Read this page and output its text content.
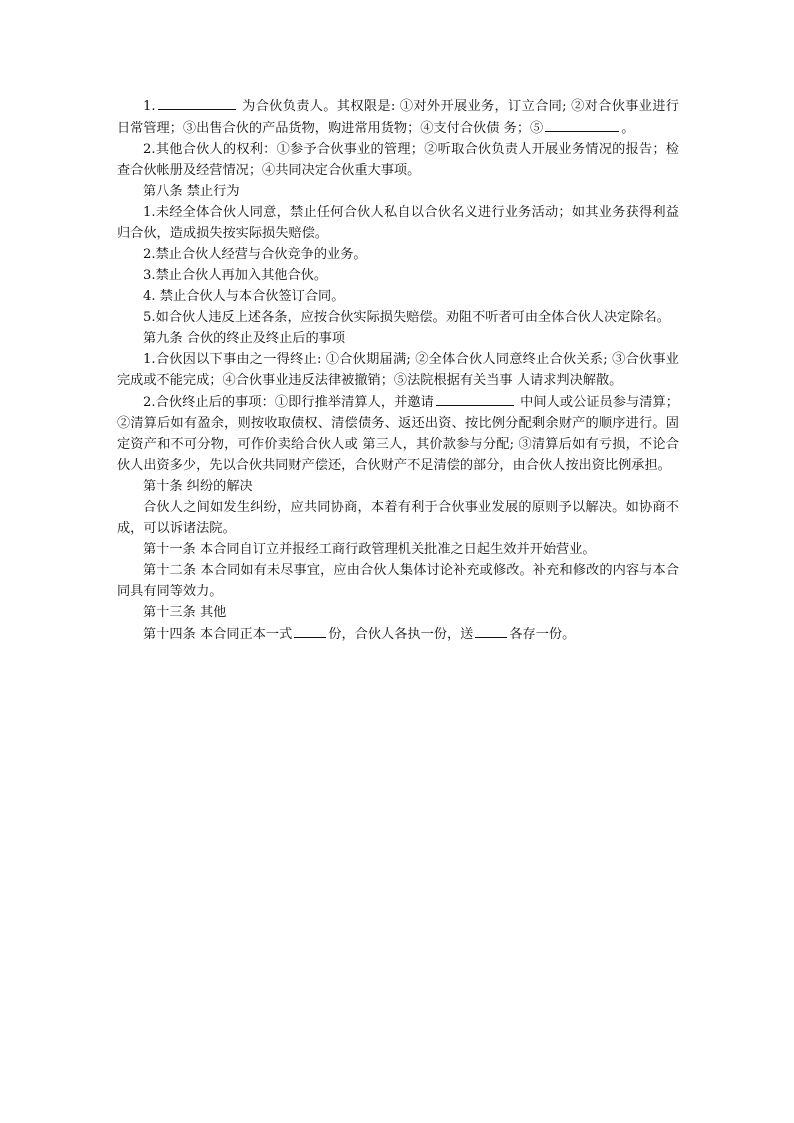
1.	为合伙负责人。其权限是: ①对外开展业务，订立合同; ②对合伙事业进行日常管理；③出售合伙的产品货物，购进常用货物；④支付合伙债 务；⑤	。

2.其他合伙人的权利：①参予合伙事业的管理；②听取合伙负责人开展业务情况的报告；检查合伙帐册及经营情况；④共同决定合伙重大事项。

第八条 禁止行为

1.未经全体合伙人同意，禁止任何合伙人私自以合伙名义进行业务活动；如其业务获得利益归合伙，造成损失按实际损失赔偿。

2.禁止合伙人经营与合伙竞争的业务。

3.禁止合伙人再加入其他合伙。

4. 禁止合伙人与本合伙签订合同。

5.如合伙人违反上述各条，应按合伙实际损失赔偿。劝阻不听者可由全体合伙人决定除名。

第九条 合伙的终止及终止后的事项

1.合伙因以下事由之一得终止: ①合伙期届满; ②全体合伙人同意终止合伙关系; ③合伙事业完成或不能完成；④合伙事业违反法律被撤销；⑤法院根据有关当事 人请求判决解散。

2.合伙终止后的事项：①即行推举清算人，并邀请	中间人或公证员参与清算；②清算后如有盈余，则按收取债权、清偿债务、返还出资、按比例分配剩余财产的顺序进行。固定资产和不可分物，可作价卖给合伙人或 第三人，其价款参与分配; ③清算后如有亏损，不论合伙人出资多少，先以合伙共同财产偿还，合伙财产不足清偿的部分，由合伙人按出资比例承担。

第十条 纠纷的解决

合伙人之间如发生纠纷，应共同协商，本着有利于合伙事业发展的原则予以解决。如协商不成，可以诉诸法院。

第十一条 本合同自订立并报经工商行政管理机关批准之日起生效并开始营业。

第十二条 本合同如有未尽事宜，应由合伙人集体讨论补充或修改。补充和修改的内容与本合同具有同等效力。

第十三条 其他

第十四条 本合同正本一式	份，合伙人各执一份，送	各存一份。
